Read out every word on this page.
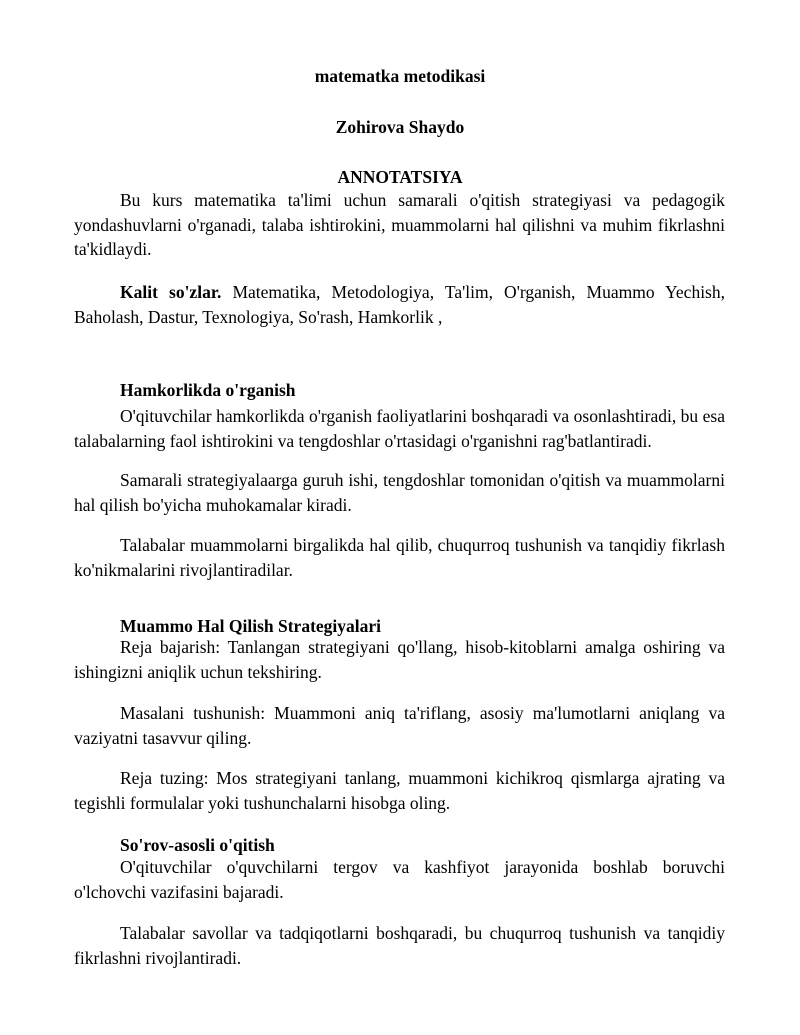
matematka metodikasi
Zohirova Shaydo
ANNOTATSIYA

Bu kurs matematika ta'limi uchun samarali o'qitish strategiyasi va pedagogik yondashuvlarni o'rganadi, talaba ishtirokini, muammolarni hal qilishni va muhim fikrlashni ta'kidlaydi.

Kalit so'zlar. Matematika, Metodologiya, Ta'lim, O'rganish, Muammo Yechish, Baholash, Dastur, Texnologiya, So'rash, Hamkorlik ,

Hamkorlikda o'rganish

O'qituvchilar hamkorlikda o'rganish faoliyatlarini boshqaradi va osonlashtiradi, bu esa talabalarning faol ishtirokini va tengdoshlar o'rtasidagi o'rganishni rag'batlantiradi.

Samarali strategiyalaarga guruh ishi, tengdoshlar tomonidan o'qitish va muammolarni hal qilish bo'yicha muhokamalar kiradi.

Talabalar muammolarni birgalikda hal qilib, chuqurroq tushunish va tanqidiy fikrlash ko'nikmalarini rivojlantiradilar.

Muammo Hal Qilish Strategiyalari

Reja bajarish: Tanlangan strategiyani qo'llang, hisob-kitoblarni amalga oshiring va ishingizni aniqlik uchun tekshiring.

Masalani tushunish: Muammoni aniq ta'riflang, asosiy ma'lumotlarni aniqlang va vaziyatni tasavvur qiling.

Reja tuzing: Mos strategiyani tanlang, muammoni kichikroq qismlarga ajrating va tegishli formulalar yoki tushunchalarni hisobga oling.

So'rov-asosli o'qitish

O'qituvchilar o'quvchilarni tergov va kashfiyot jarayonida boshlab boruvchi o'lchovchi vazifasini bajaradi.

Talabalar savollar va tadqiqotlarni boshqaradi, bu chuqurroq tushunish va tanqidiy fikrlashni rivojlantiradi.
